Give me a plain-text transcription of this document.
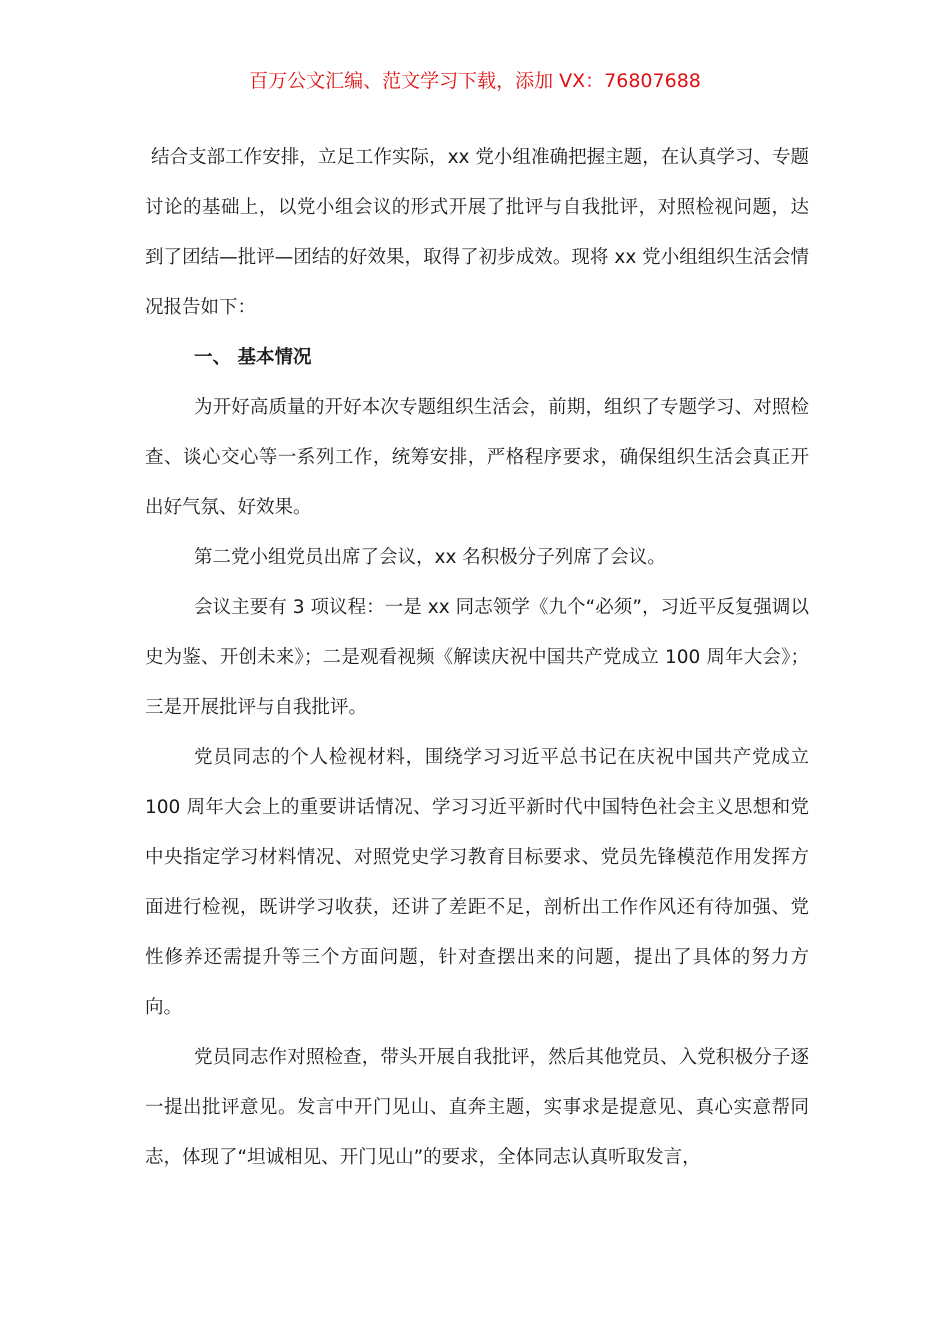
百万公文汇编、范文学习下载，添加 VX：76807688

结合支部工作安排，立足工作实际，xx 党小组准确把握主题，在认真学习、专题讨论的基础上，以党小组会议的形式开展了批评与自我批评，对照检视问题，达到了团结—批评—团结的好效果，取得了初步成效。现将 xx 党小组组织生活会情况报告如下：

一、 基本情况

为开好高质量的开好本次专题组织生活会，前期，组织了专题学习、对照检查、谈心交心等一系列工作，统筹安排，严格程序要求，确保组织生活会真正开出好气氛、好效果。

第二党小组党员出席了会议，xx 名积极分子列席了会议。

会议主要有 3 项议程：一是 xx 同志领学《九个“必须”，习近平反复强调以史为鉴、开创未来》；二是观看视频《解读庆祝中国共产党成立 100 周年大会》；三是开展批评与自我批评。

党员同志的个人检视材料，围绕学习习近平总书记在庆祝中国共产党成立 100 周年大会上的重要讲话情况、学习习近平新时代中国特色社会主义思想和党中央指定学习材料情况、对照党史学习教育目标要求、党员先锋模范作用发挥方面进行检视，既讲学习收获，还讲了差距不足，剖析出工作作风还有待加强、党性修养还需提升等三个方面问题，针对查摆出来的问题，提出了具体的努力方向。

党员同志作对照检查，带头开展自我批评，然后其他党员、入党积极分子逐一提出批评意见。发言中开门见山、直奔主题，实事求是提意见、真心实意帮同志，体现了“坦诚相见、开门见山”的要求，全体同志认真听取发言，
